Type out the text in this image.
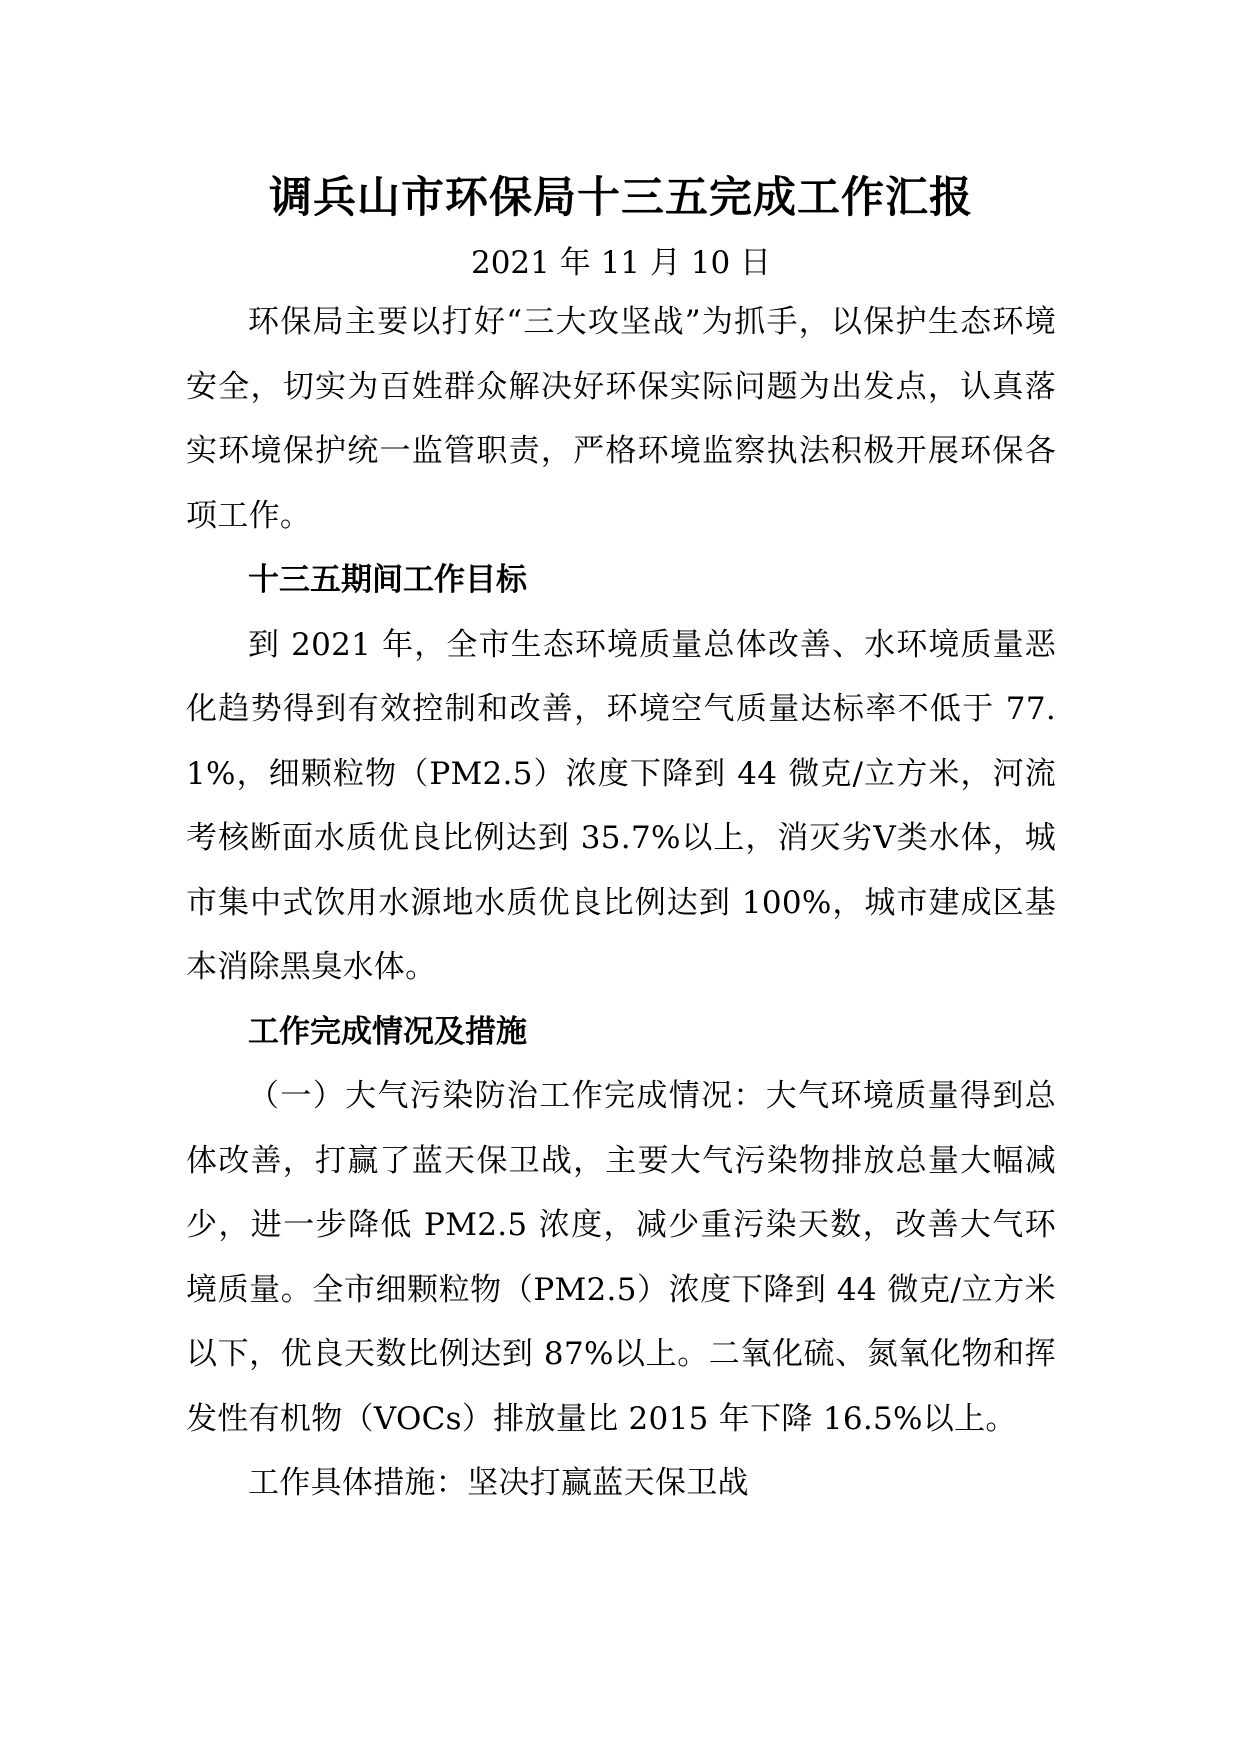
调兵山市环保局十三五完成工作汇报

2021 年 11 月 10 日

环保局主要以打好“三大攻坚战”为抓手，以保护生态环境安全，切实为百姓群众解决好环保实际问题为出发点，认真落实环境保护统一监管职责，严格环境监察执法积极开展环保各项工作。

十三五期间工作目标

到 2021 年，全市生态环境质量总体改善、水环境质量恶化趋势得到有效控制和改善，环境空气质量达标率不低于 77.1%，细颗粒物（PM2.5）浓度下降到 44 微克/立方米，河流考核断面水质优良比例达到 35.7%以上，消灭劣Ⅴ类水体，城市集中式饮用水源地水质优良比例达到 100%，城市建成区基本消除黑臭水体。

工作完成情况及措施

（一）大气污染防治工作完成情况：大气环境质量得到总体改善，打赢了蓝天保卫战，主要大气污染物排放总量大幅减少，进一步降低 PM2.5 浓度，减少重污染天数，改善大气环境质量。全市细颗粒物（PM2.5）浓度下降到 44 微克/立方米以下，优良天数比例达到 87%以上。二氧化硫、氮氧化物和挥发性有机物（VOCs）排放量比 2015 年下降 16.5%以上。

工作具体措施：坚决打赢蓝天保卫战
